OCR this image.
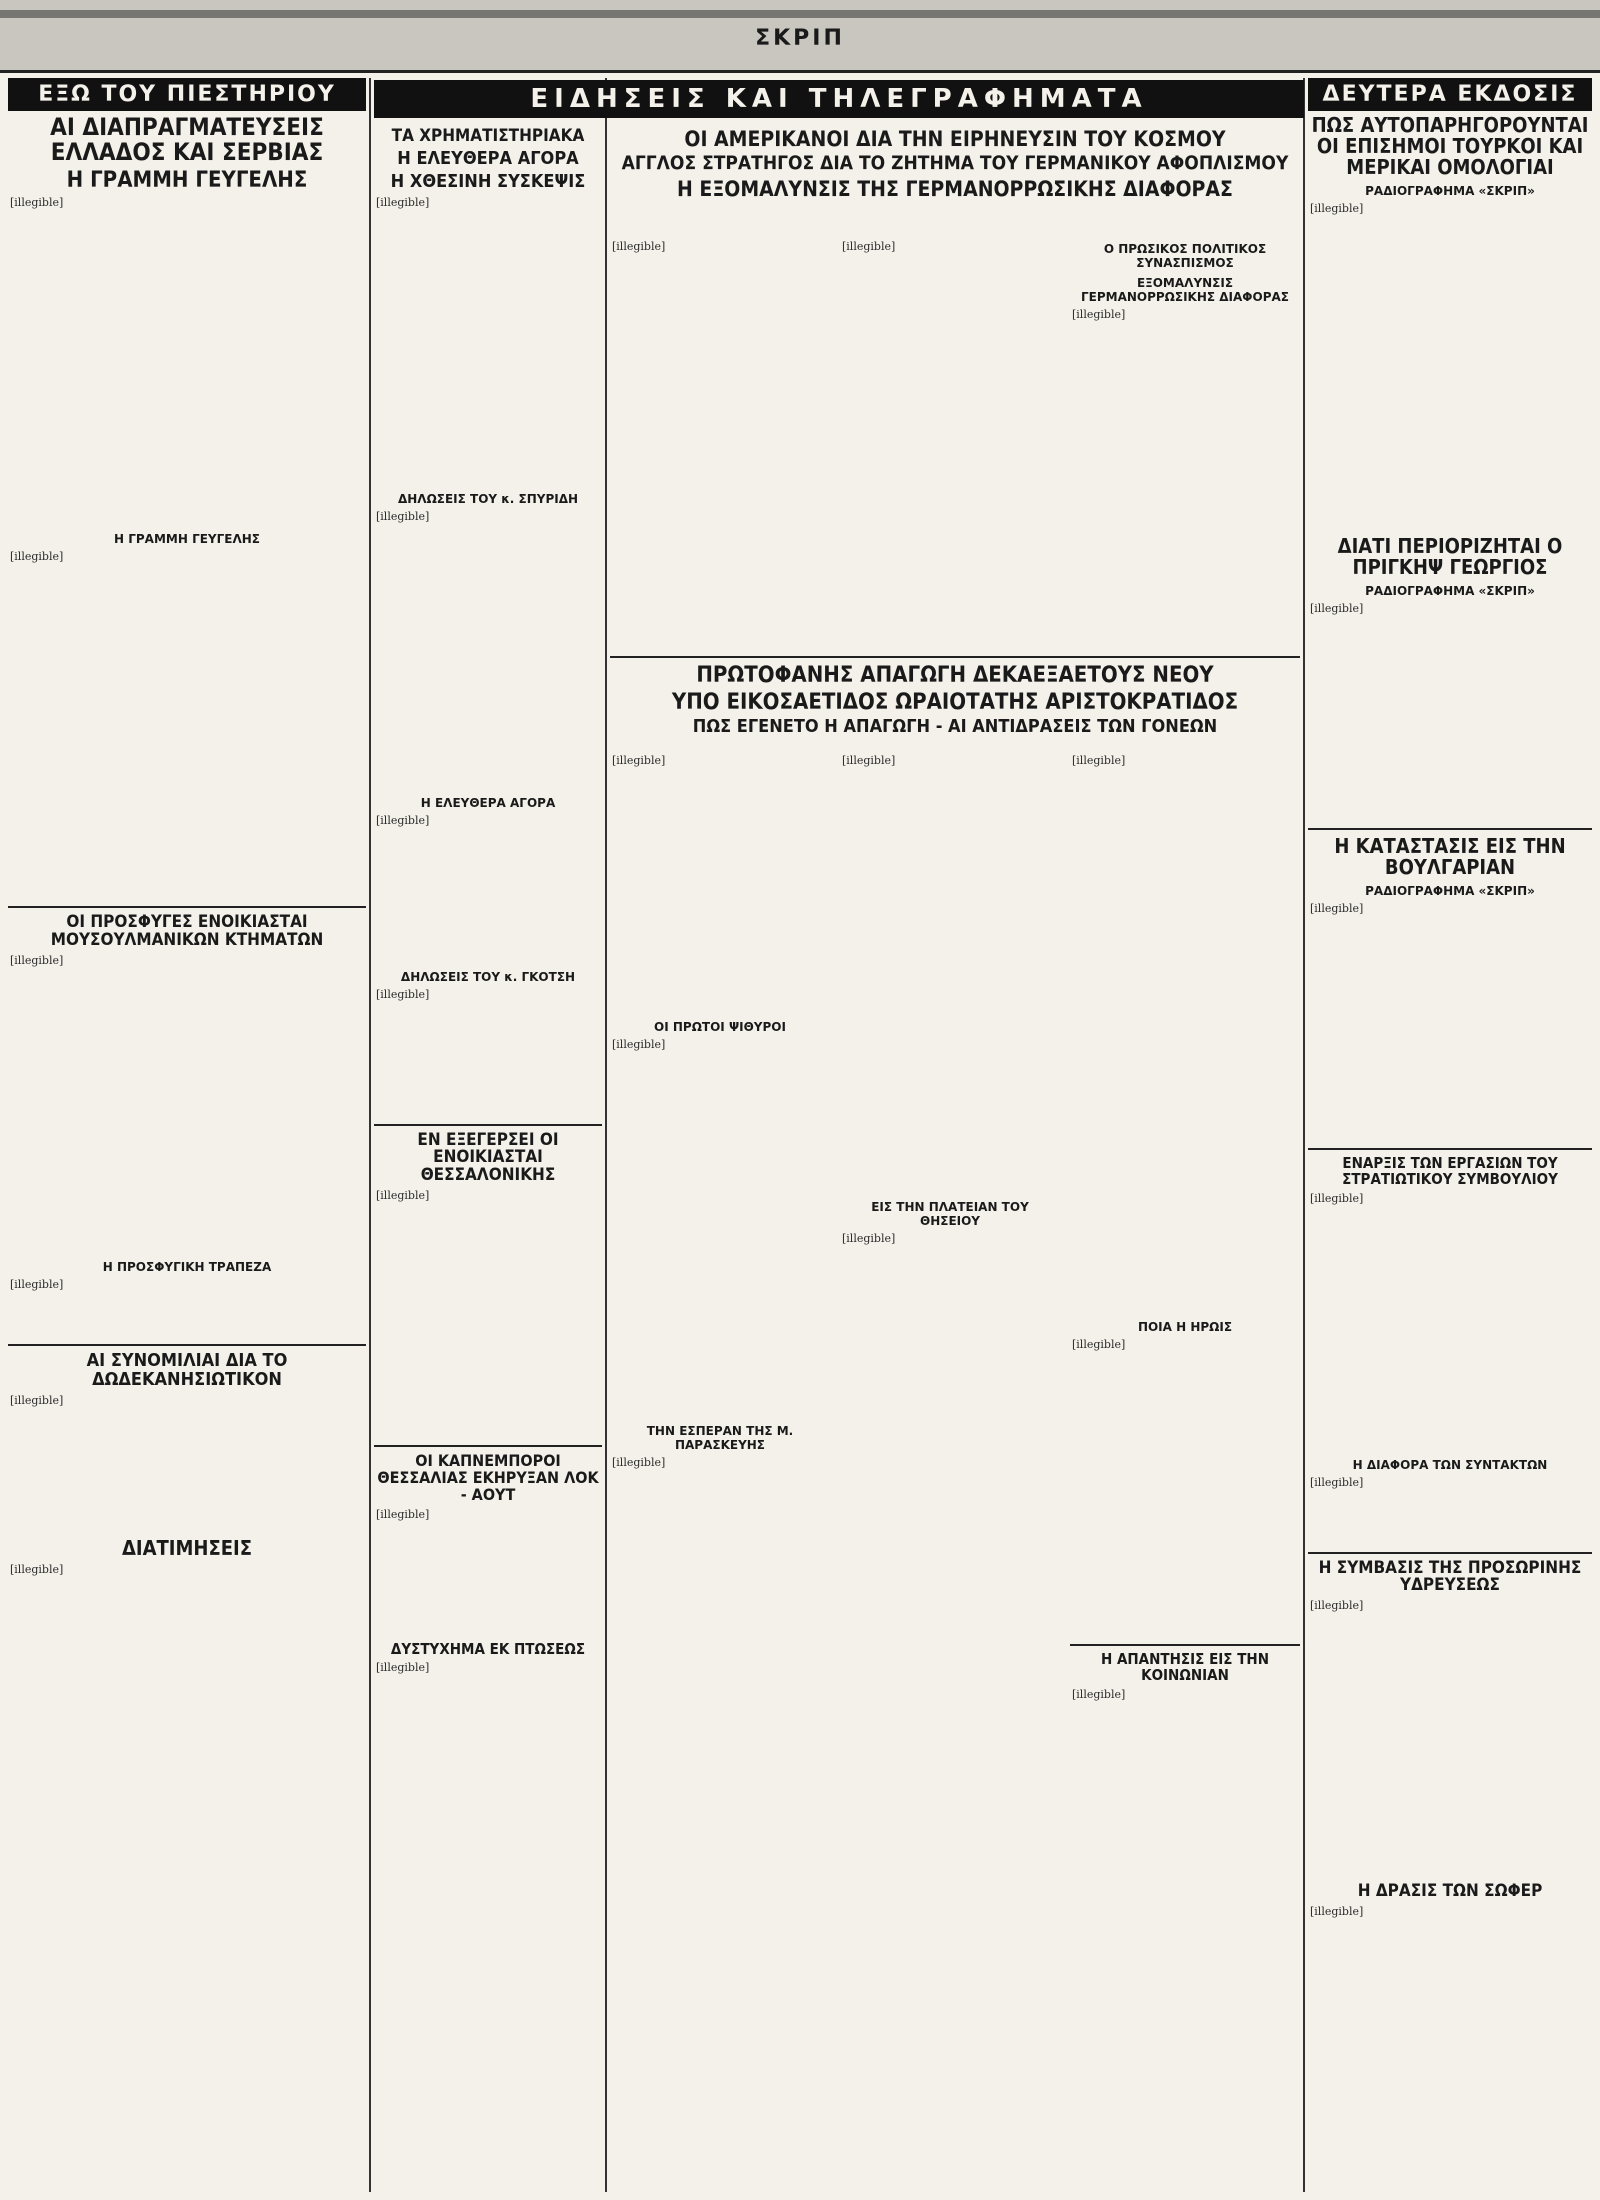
ΣΚΡΙΠ
ΕΞΩ ΤΟΥ ΠΙΕΣΤΗΡΙΟΥ
ΑΙ ΔΙΑΠΡΑΓΜΑΤΕΥΣΕΙΣ ΕΛΛΑΔΟΣ ΚΑΙ ΣΕΡΒΙΑΣ
Η ΓΡΑΜΜΗ ΓΕΥΓΕΛΗΣ
[illegible]
Η ΓΡΑΜΜΗ ΓΕΥΓΕΛΗΣ
[illegible]
ΟΙ ΠΡΟΣΦΥΓΕΣ ΕΝΟΙΚΙΑΣΤΑΙ ΜΟΥΣΟΥΛΜΑΝΙΚΩΝ ΚΤΗΜΑΤΩΝ
[illegible]
Η ΠΡΟΣΦΥΓΙΚΗ ΤΡΑΠΕΖΑ
[illegible]
ΑΙ ΣΥΝΟΜΙΛΙΑΙ ΔΙΑ ΤΟ ΔΩΔΕΚΑΝΗΣΙΩΤΙΚΟΝ
[illegible]
ΔΙΑΤΙΜΗΣΕΙΣ
[illegible]
ΕΙΔΗΣΕΙΣ ΚΑΙ ΤΗΛΕΓΡΑΦΗΜΑΤΑ
ΤΑ ΧΡΗΜΑΤΙΣΤΗΡΙΑΚΑ
Η ΕΛΕΥΘΕΡΑ ΑΓΟΡΑ
Η ΧΘΕΣΙΝΗ ΣΥΣΚΕΨΙΣ
[illegible]
ΔΗΛΩΣΕΙΣ ΤΟΥ κ. ΣΠΥΡΙΔΗ
[illegible]
Η ΕΛΕΥΘΕΡΑ ΑΓΟΡΑ
[illegible]
ΔΗΛΩΣΕΙΣ ΤΟΥ κ. ΓΚΟΤΣΗ
[illegible]
ΕΝ ΕΞΕΓΕΡΣΕΙ ΟΙ ΕΝΟΙΚΙΑΣΤΑΙ ΘΕΣΣΑΛΟΝΙΚΗΣ
[illegible]
ΟΙ ΚΑΠΝΕΜΠΟΡΟΙ ΘΕΣΣΑΛΙΑΣ ΕΚΗΡΥΞΑΝ ΛΟΚ - ΑΟΥΤ
[illegible]
ΔΥΣΤΥΧΗΜΑ ΕΚ ΠΤΩΣΕΩΣ
[illegible]
ΟΙ ΑΜΕΡΙΚΑΝΟΙ ΔΙΑ ΤΗΝ ΕΙΡΗΝΕΥΣΙΝ ΤΟΥ ΚΟΣΜΟΥ
ΑΓΓΛΟΣ ΣΤΡΑΤΗΓΟΣ ΔΙΑ ΤΟ ΖΗΤΗΜΑ ΤΟΥ ΓΕΡΜΑΝΙΚΟΥ ΑΦΟΠΛΙΣΜΟΥ
Η ΕΞΟΜΑΛΥΝΣΙΣ ΤΗΣ ΓΕΡΜΑΝΟΡΡΩΣΙΚΗΣ ΔΙΑΦΟΡΑΣ
[illegible]	[illegible]	Ο ΠΡΩΣΙΚΟΣ ΠΟΛΙΤΙΚΟΣ ΣΥΝΑΣΠΙΣΜΟΣ
ΕΞΟΜΑΛΥΝΣΙΣ ΓΕΡΜΑΝΟΡΡΩΣΙΚΗΣ ΔΙΑΦΟΡΑΣ
[illegible]
ΠΡΩΤΟΦΑΝΗΣ ΑΠΑΓΩΓΗ ΔΕΚΑΕΞΑΕΤΟΥΣ ΝΕΟΥ
ΥΠΟ ΕΙΚΟΣΑΕΤΙΔΟΣ ΩΡΑΙΟΤΑΤΗΣ ΑΡΙΣΤΟΚΡΑΤΙΔΟΣ
ΠΩΣ ΕΓΕΝΕΤΟ Η ΑΠΑΓΩΓΗ - ΑΙ ΑΝΤΙΔΡΑΣΕΙΣ ΤΩΝ ΓΟΝΕΩΝ
[illegible]
ΟΙ ΠΡΩΤΟΙ ΨΙΘΥΡΟΙ
[illegible]
ΤΗΝ ΕΣΠΕΡΑΝ ΤΗΣ Μ. ΠΑΡΑΣΚΕΥΗΣ
[illegible]
[illegible]
ΕΙΣ ΤΗΝ ΠΛΑΤΕΙΑΝ ΤΟΥ ΘΗΣΕΙΟΥ
[illegible]
[illegible]
ΠΟΙΑ Η ΗΡΩΙΣ
[illegible]
Η ΑΠΑΝΤΗΣΙΣ ΕΙΣ ΤΗΝ ΚΟΙΝΩΝΙΑΝ
[illegible]
ΔΕΥΤΕΡΑ ΕΚΔΟΣΙΣ
ΠΩΣ ΑΥΤΟΠΑΡΗΓΟΡΟΥΝΤΑΙ ΟΙ ΕΠΙΣΗΜΟΙ ΤΟΥΡΚΟΙ ΚΑΙ ΜΕΡΙΚΑΙ ΟΜΟΛΟΓΙΑΙ
ΡΑΔΙΟΓΡΑΦΗΜΑ «ΣΚΡΙΠ»
[illegible]
ΔΙΑΤΙ ΠΕΡΙΟΡΙΖΗΤΑΙ Ο ΠΡΙΓΚΗΨ ΓΕΩΡΓΙΟΣ
ΡΑΔΙΟΓΡΑΦΗΜΑ «ΣΚΡΙΠ»
[illegible]
Η ΚΑΤΑΣΤΑΣΙΣ ΕΙΣ ΤΗΝ ΒΟΥΛΓΑΡΙΑΝ
ΡΑΔΙΟΓΡΑΦΗΜΑ «ΣΚΡΙΠ»
[illegible]
ΕΝΑΡΞΙΣ ΤΩΝ ΕΡΓΑΣΙΩΝ ΤΟΥ ΣΤΡΑΤΙΩΤΙΚΟΥ ΣΥΜΒΟΥΛΙΟΥ
[illegible]
Η ΔΙΑΦΟΡΑ ΤΩΝ ΣΥΝΤΑΚΤΩΝ
[illegible]
Η ΣΥΜΒΑΣΙΣ ΤΗΣ ΠΡΟΣΩΡΙΝΗΣ ΥΔΡΕΥΣΕΩΣ
[illegible]
Η ΔΡΑΣΙΣ ΤΩΝ ΣΩΦΕΡ
[illegible]
